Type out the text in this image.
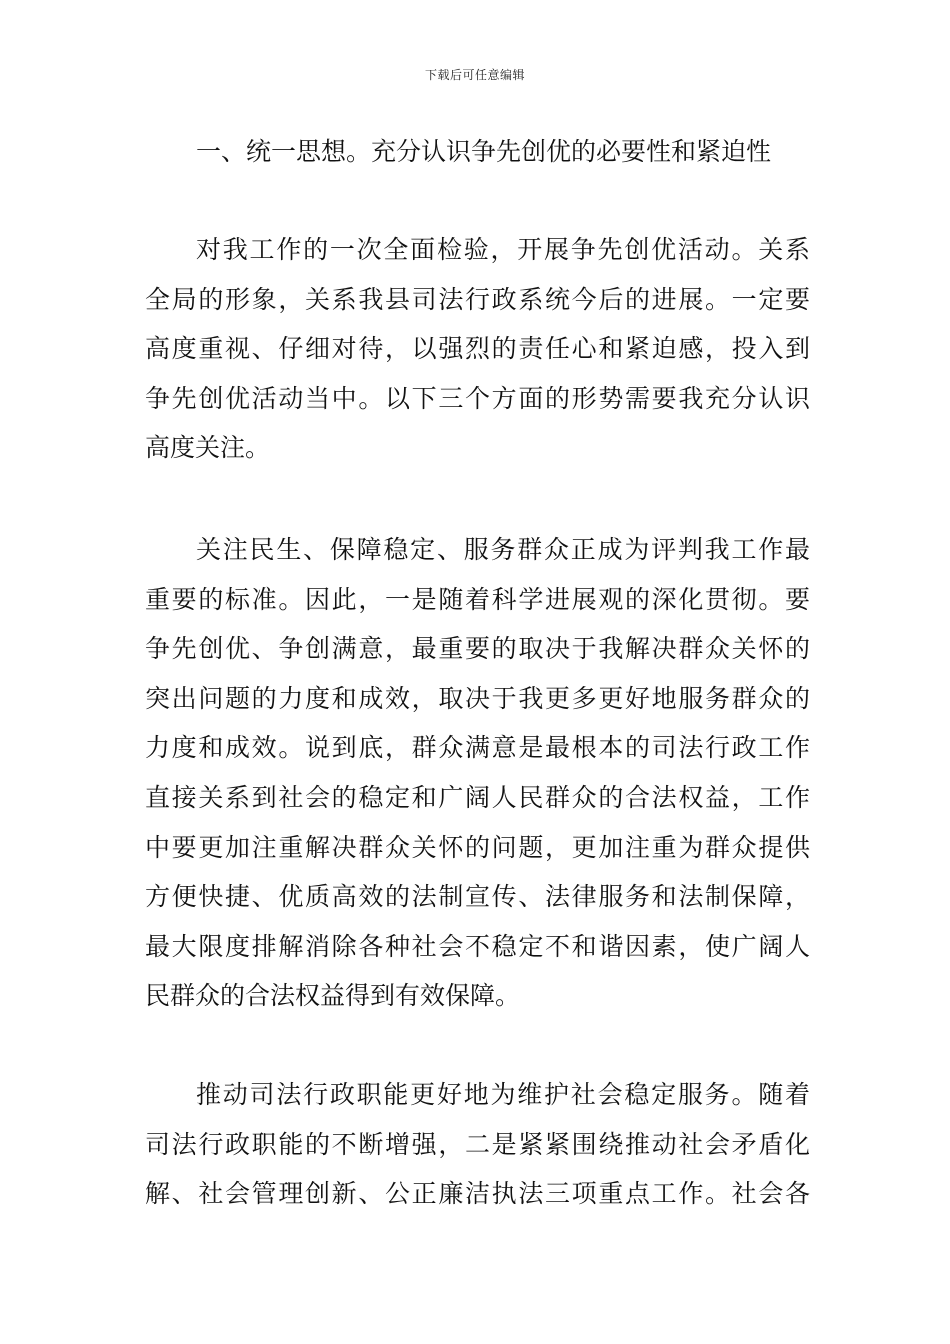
下载后可任意编辑
一、统一思想。充分认识争先创优的必要性和紧迫性
对我工作的一次全面检验，开展争先创优活动。关系
全局的形象，关系我县司法行政系统今后的进展。一定要
高度重视、仔细对待，以强烈的责任心和紧迫感，投入到
争先创优活动当中。以下三个方面的形势需要我充分认识
高度关注。
关注民生、保障稳定、服务群众正成为评判我工作最
重要的标准。因此，一是随着科学进展观的深化贯彻。要
争先创优、争创满意，最重要的取决于我解决群众关怀的
突出问题的力度和成效，取决于我更多更好地服务群众的
力度和成效。说到底，群众满意是最根本的司法行政工作
直接关系到社会的稳定和广阔人民群众的合法权益，工作
中要更加注重解决群众关怀的问题，更加注重为群众提供
方便快捷、优质高效的法制宣传、法律服务和法制保障，
最大限度排解消除各种社会不稳定不和谐因素，使广阔人
民群众的合法权益得到有效保障。
推动司法行政职能更好地为维护社会稳定服务。随着
司法行政职能的不断增强，二是紧紧围绕推动社会矛盾化
解、社会管理创新、公正廉洁执法三项重点工作。社会各
